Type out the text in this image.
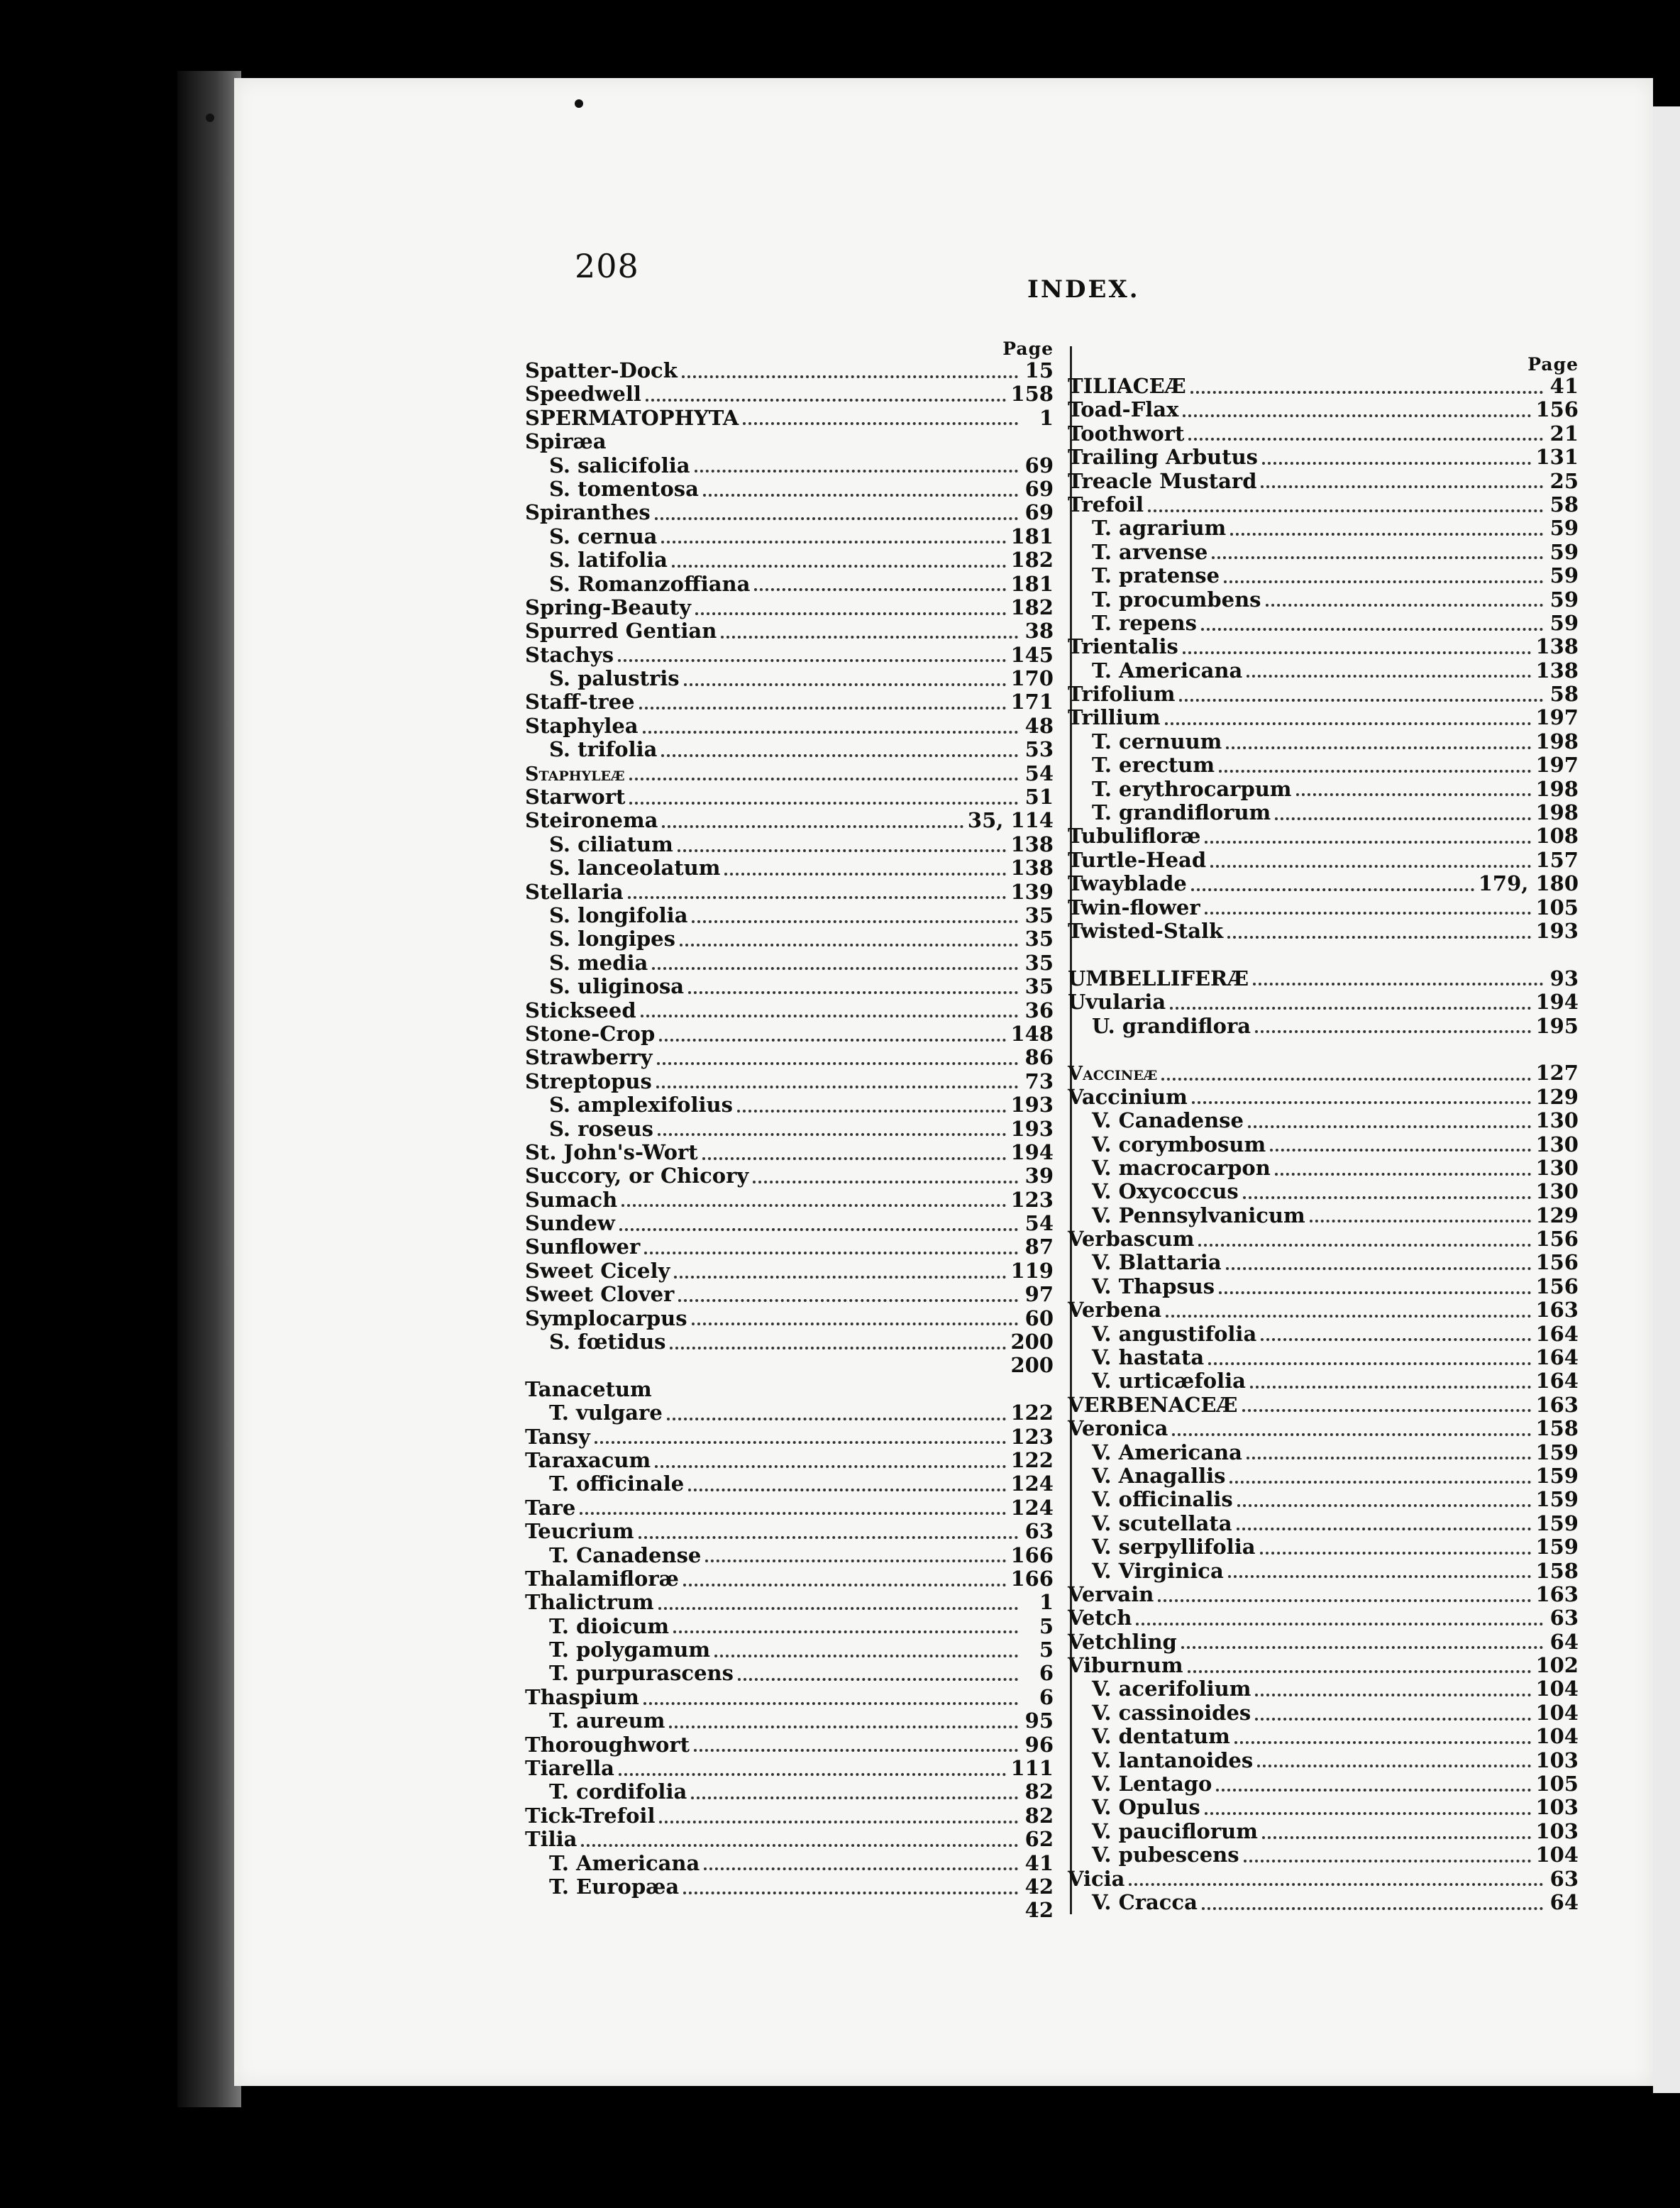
208
INDEX.
Page
Spatter-Dock	15
Speedwell	158
SPERMATOPHYTA	1
Spiræa
S. salicifolia	69
S. tomentosa	69
Spiranthes	69
S. cernua	181
S. latifolia	182
S. Romanzoffiana	181
Spring-Beauty	182
Spurred Gentian	38
Stachys	145
S. palustris	170
Staff-tree	171
Staphylea	48
S. trifolia	53
Staphyleæ	54
Starwort	51
Steironema	35, 114
S. ciliatum	138
S. lanceolatum	138
Stellaria	139
S. longifolia	35
S. longipes	35
S. media	35
S. uliginosa	35
Stickseed	36
Stone-Crop	148
Strawberry	86
Streptopus	73
S. amplexifolius	193
S. roseus	193
St. John's-Wort	194
Succory, or Chicory	39
Sumach	123
Sundew	54
Sunflower	87
Sweet Cicely	119
Sweet Clover	97
Symplocarpus	60
S. fœtidus	200
200
Tanacetum
T. vulgare	122
Tansy	123
Taraxacum	122
T. officinale	124
Tare	124
Teucrium	63
T. Canadense	166
Thalamifloræ	166
Thalictrum	1
T. dioicum	5
T. polygamum	5
T. purpurascens	6
Thaspium	6
T. aureum	95
Thoroughwort	96
Tiarella	111
T. cordifolia	82
Tick-Trefoil	82
Tilia	62
T. Americana	41
T. Europæa	42
42
Page
TILIACEÆ	41
Toad-Flax	156
Toothwort	21
Trailing Arbutus	131
Treacle Mustard	25
Trefoil	58
T. agrarium	59
T. arvense	59
T. pratense	59
T. procumbens	59
T. repens	59
Trientalis	138
T. Americana	138
Trifolium	58
Trillium	197
T. cernuum	198
T. erectum	197
T. erythrocarpum	198
T. grandiflorum	198
Tubulifloræ	108
Turtle-Head	157
Twayblade	179, 180
Twin-flower	105
Twisted-Stalk	193
UMBELLIFERÆ	93
Uvularia	194
U. grandiflora	195
Vaccineæ	127
Vaccinium	129
V. Canadense	130
V. corymbosum	130
V. macrocarpon	130
V. Oxycoccus	130
V. Pennsylvanicum	129
Verbascum	156
V. Blattaria	156
V. Thapsus	156
Verbena	163
V. angustifolia	164
V. hastata	164
V. urticæfolia	164
VERBENACEÆ	163
Veronica	158
V. Americana	159
V. Anagallis	159
V. officinalis	159
V. scutellata	159
V. serpyllifolia	159
V. Virginica	158
Vervain	163
Vetch	63
Vetchling	64
Viburnum	102
V. acerifolium	104
V. cassinoides	104
V. dentatum	104
V. lantanoides	103
V. Lentago	105
V. Opulus	103
V. pauciflorum	103
V. pubescens	104
Vicia	63
V. Cracca	64
